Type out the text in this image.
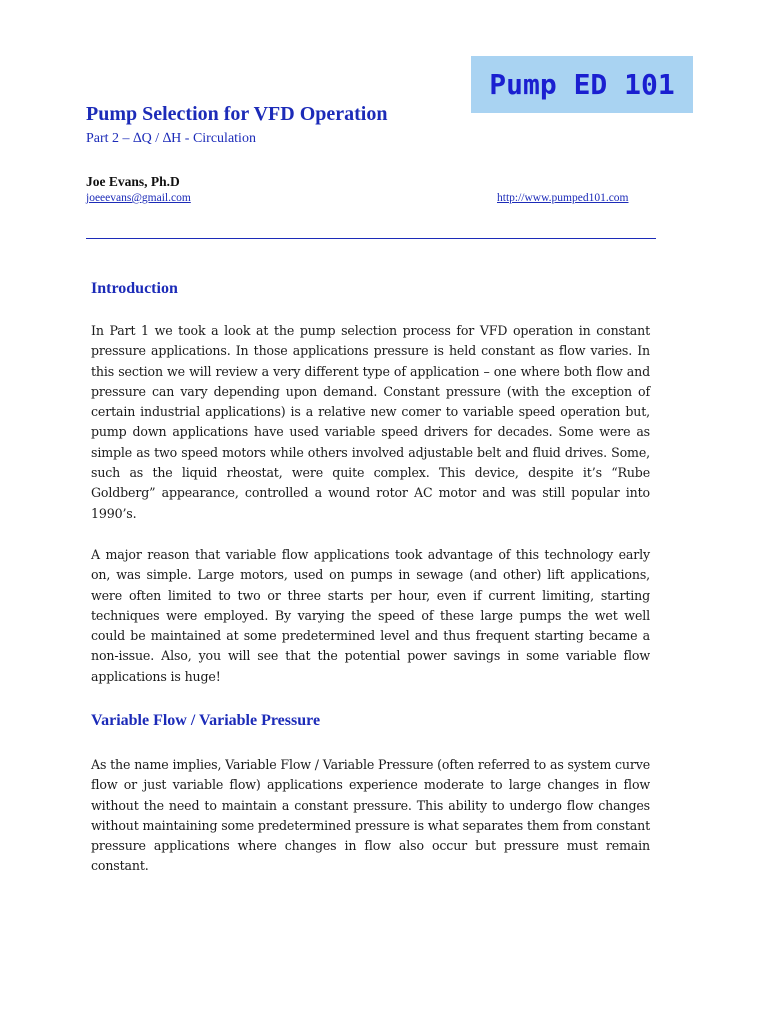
Pump ED 101
Pump Selection for VFD Operation
Part 2 – ∆Q / ∆H - Circulation
Joe Evans, Ph.D
joeeevans@gmail.com	http://www.pumped101.com
Introduction

In Part 1 we took a look at the pump selection process for VFD operation in constant pressure applications. In those applications pressure is held constant as flow varies. In this section we will review a very different type of application – one where both flow and pressure can vary depending upon demand. Constant pressure (with the exception of certain industrial applications) is a relative new comer to variable speed operation but, pump down applications have used variable speed drivers for decades. Some were as simple as two speed motors while others involved adjustable belt and fluid drives. Some, such as the liquid rheostat, were quite complex. This device, despite it’s “Rube Goldberg” appearance, controlled a wound rotor AC motor and was still popular into 1990’s.

A major reason that variable flow applications took advantage of this technology early on, was simple. Large motors, used on pumps in sewage (and other) lift applications, were often limited to two or three starts per hour, even if current limiting, starting techniques were employed. By varying the speed of these large pumps the wet well could be maintained at some predetermined level and thus frequent starting became a non-issue. Also, you will see that the potential power savings in some variable flow applications is huge!

Variable Flow / Variable Pressure

As the name implies, Variable Flow / Variable Pressure (often referred to as system curve flow or just variable flow) applications experience moderate to large changes in flow without the need to maintain a constant pressure. This ability to undergo flow changes without maintaining some predetermined pressure is what separates them from constant pressure applications where changes in flow also occur but pressure must remain constant.
